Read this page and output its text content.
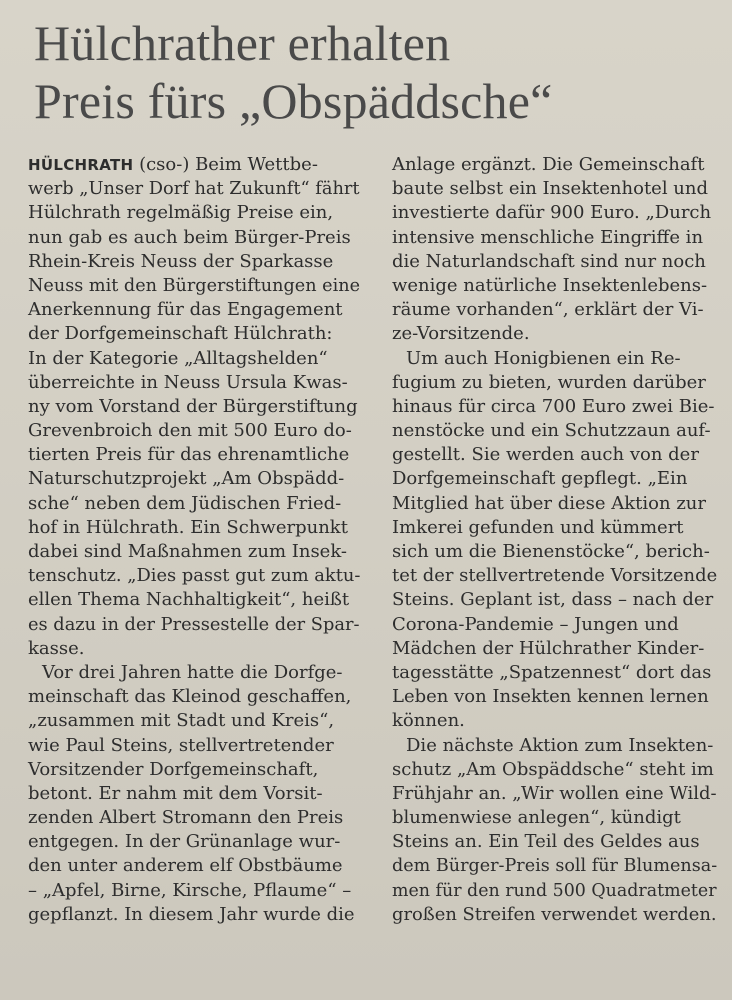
Hülchrather erhalten
Preis fürs „Obspäddsche“
HÜLCHRATH (cso-) Beim Wettbe-
werb „Unser Dorf hat Zukunft“ fährt
Hülchrath regelmäßig Preise ein,
nun gab es auch beim Bürger-Preis
Rhein-Kreis Neuss der Sparkasse
Neuss mit den Bürgerstiftungen eine
Anerkennung für das Engagement
der Dorfgemeinschaft Hülchrath:
In der Kategorie „Alltagshelden“
überreichte in Neuss Ursula Kwas-
ny vom Vorstand der Bürgerstiftung
Grevenbroich den mit 500 Euro do-
tierten Preis für das ehrenamtliche
Naturschutzprojekt „Am Obspädd-
sche“ neben dem Jüdischen Fried-
hof in Hülchrath. Ein Schwerpunkt
dabei sind Maßnahmen zum Insek-
tenschutz. „Dies passt gut zum aktu-
ellen Thema Nachhaltigkeit“, heißt
es dazu in der Pressestelle der Spar-
kasse.
Vor drei Jahren hatte die Dorfge-
meinschaft das Kleinod geschaffen,
„zusammen mit Stadt und Kreis“,
wie Paul Steins, stellvertretender
Vorsitzender Dorfgemeinschaft,
betont. Er nahm mit dem Vorsit-
zenden Albert Stromann den Preis
entgegen. In der Grünanlage wur-
den unter anderem elf Obstbäume
– „Apfel, Birne, Kirsche, Pflaume“ –
gepflanzt. In diesem Jahr wurde die
Anlage ergänzt. Die Gemeinschaft
baute selbst ein Insektenhotel und
investierte dafür 900 Euro. „Durch
intensive menschliche Eingriffe in
die Naturlandschaft sind nur noch
wenige natürliche Insektenlebens-
räume vorhanden“, erklärt der Vi-
ze-Vorsitzende.
Um auch Honigbienen ein Re-
fugium zu bieten, wurden darüber
hinaus für circa 700 Euro zwei Bie-
nenstöcke und ein Schutzzaun auf-
gestellt. Sie werden auch von der
Dorfgemeinschaft gepflegt. „Ein
Mitglied hat über diese Aktion zur
Imkerei gefunden und kümmert
sich um die Bienenstöcke“, berich-
tet der stellvertretende Vorsitzende
Steins. Geplant ist, dass – nach der
Corona-Pandemie – Jungen und
Mädchen der Hülchrather Kinder-
tagesstätte „Spatzennest“ dort das
Leben von Insekten kennen lernen
können.
Die nächste Aktion zum Insekten-
schutz „Am Obspäddsche“ steht im
Frühjahr an. „Wir wollen eine Wild-
blumenwiese anlegen“, kündigt
Steins an. Ein Teil des Geldes aus
dem Bürger-Preis soll für Blumensa-
men für den rund 500 Quadratmeter
großen Streifen verwendet werden.
